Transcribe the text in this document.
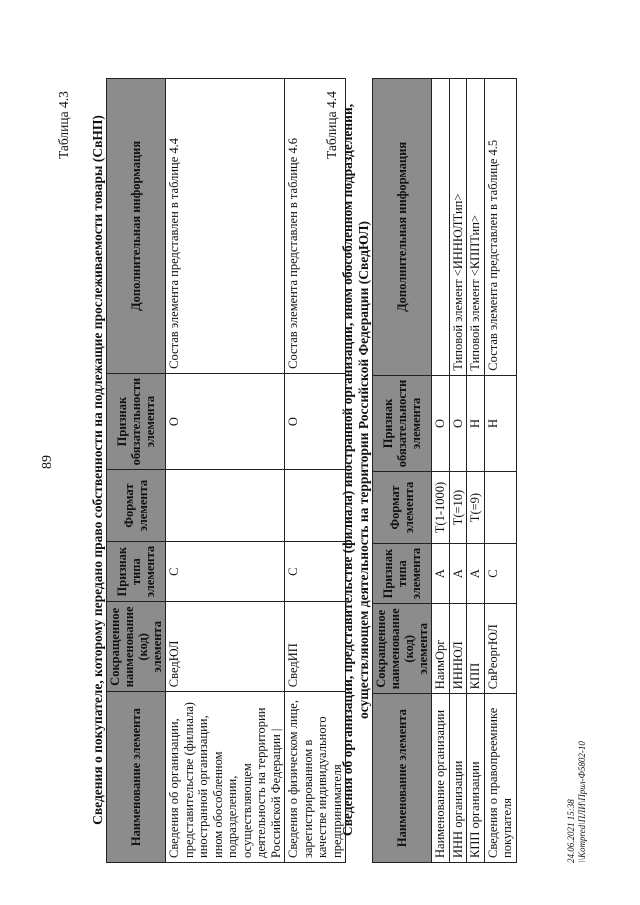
89
Таблица 4.3 Сведения о покупателе, которому передано право собственности на подлежащие прослеживаемости товары (СвНП) Наименование элемента	Сокращенное наименование (код) элемента	Признак типа элемента	Формат элемента	Признак обязательности элемента	Дополнительная информация
Сведения об организации, представительстве (филиала) иностранной организации, ином обособленном подразделении, осуществляющем деятельность на территории Российской Федерации |	СведЮЛ	С		О	Состав элемента представлен в таблице 4.4
Сведения о физическом лице, зарегистрированном в качестве индивидуального предпринимателя	СведИП	С		О	Состав элемента представлен в таблице 4.6
Таблица 4.4 Сведения об организации, представительстве (филиала) иностранной организации, ином обособленном подразделении, осуществляющем деятельность на территории Российской Федерации (СведЮЛ)
Наименование элемента	Сокращенное наименование (код) элемента	Признак типа элемента	Формат элемента	Признак обязательности элемента	Дополнительная информация
Наименование организации	НаимОрг	А	T(1-1000)	О	
ИНН организации	ИННЮЛ	А	T(=10)	О	Типовой элемент <ИННЮЛТип>
КПП организации	КПП	А	T(=9)	Н	Типовой элемент <КППТип>
Сведения о правопреемнике покупателя	СвРеоргЮЛ	С		Н	Состав элемента представлен в таблице 4.5
24.06.2021 15:38 \\Kompred\ПЛИ\Прил-Ф5802-10
